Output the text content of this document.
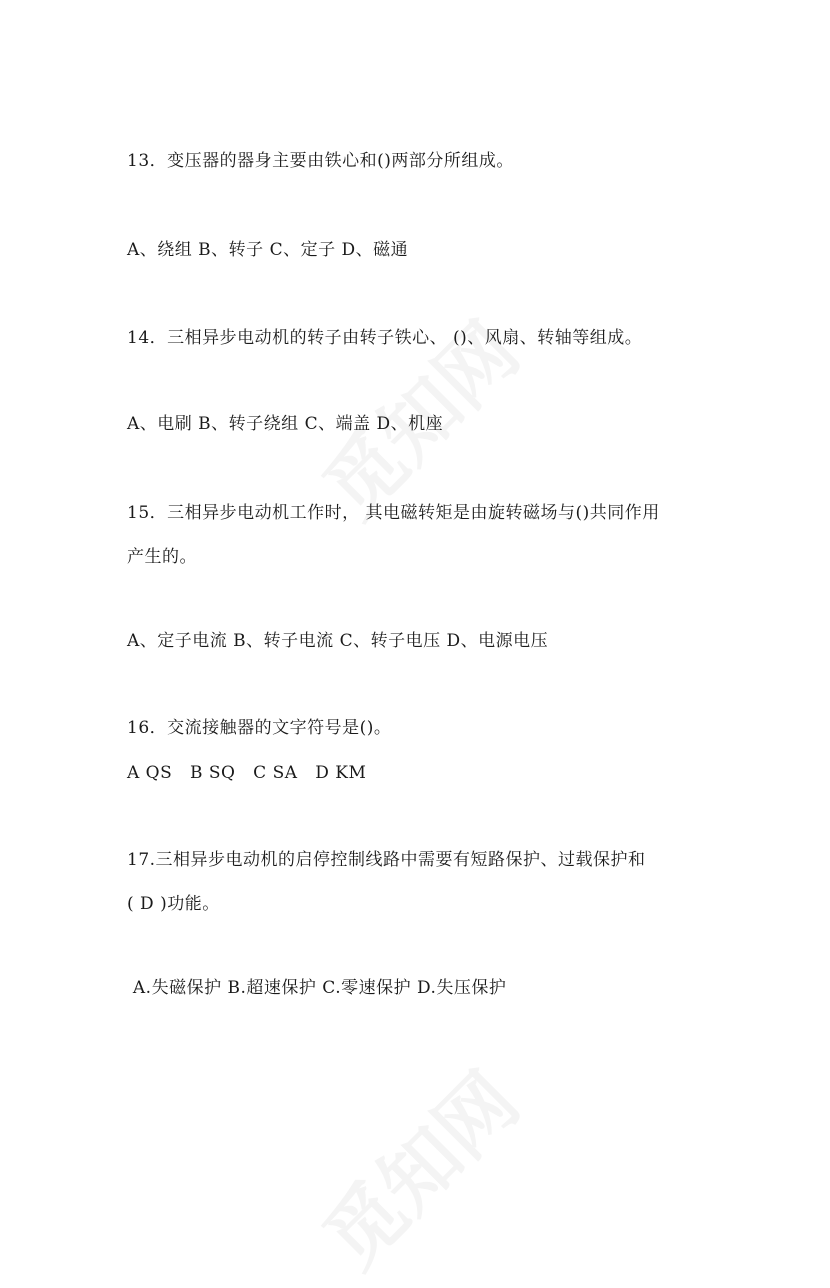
13．变压器的器身主要由铁心和()两部分所组成。
A、绕组 B、转子 C、定子 D、磁通
14．三相异步电动机的转子由转子铁心、 ()、风扇、转轴等组成。
A、电刷 B、转子绕组 C、端盖 D、机座
15．三相异步电动机工作时， 其电磁转矩是由旋转磁场与()共同作用
产生的。
A、定子电流 B、转子电流 C、转子电压 D、电源电压
16．交流接触器的文字符号是()。
A QS   B SQ   C SA   D KM
17.三相异步电动机的启停控制线路中需要有短路保护、过载保护和
( D )功能。
A.失磁保护 B.超速保护 C.零速保护 D.失压保护
